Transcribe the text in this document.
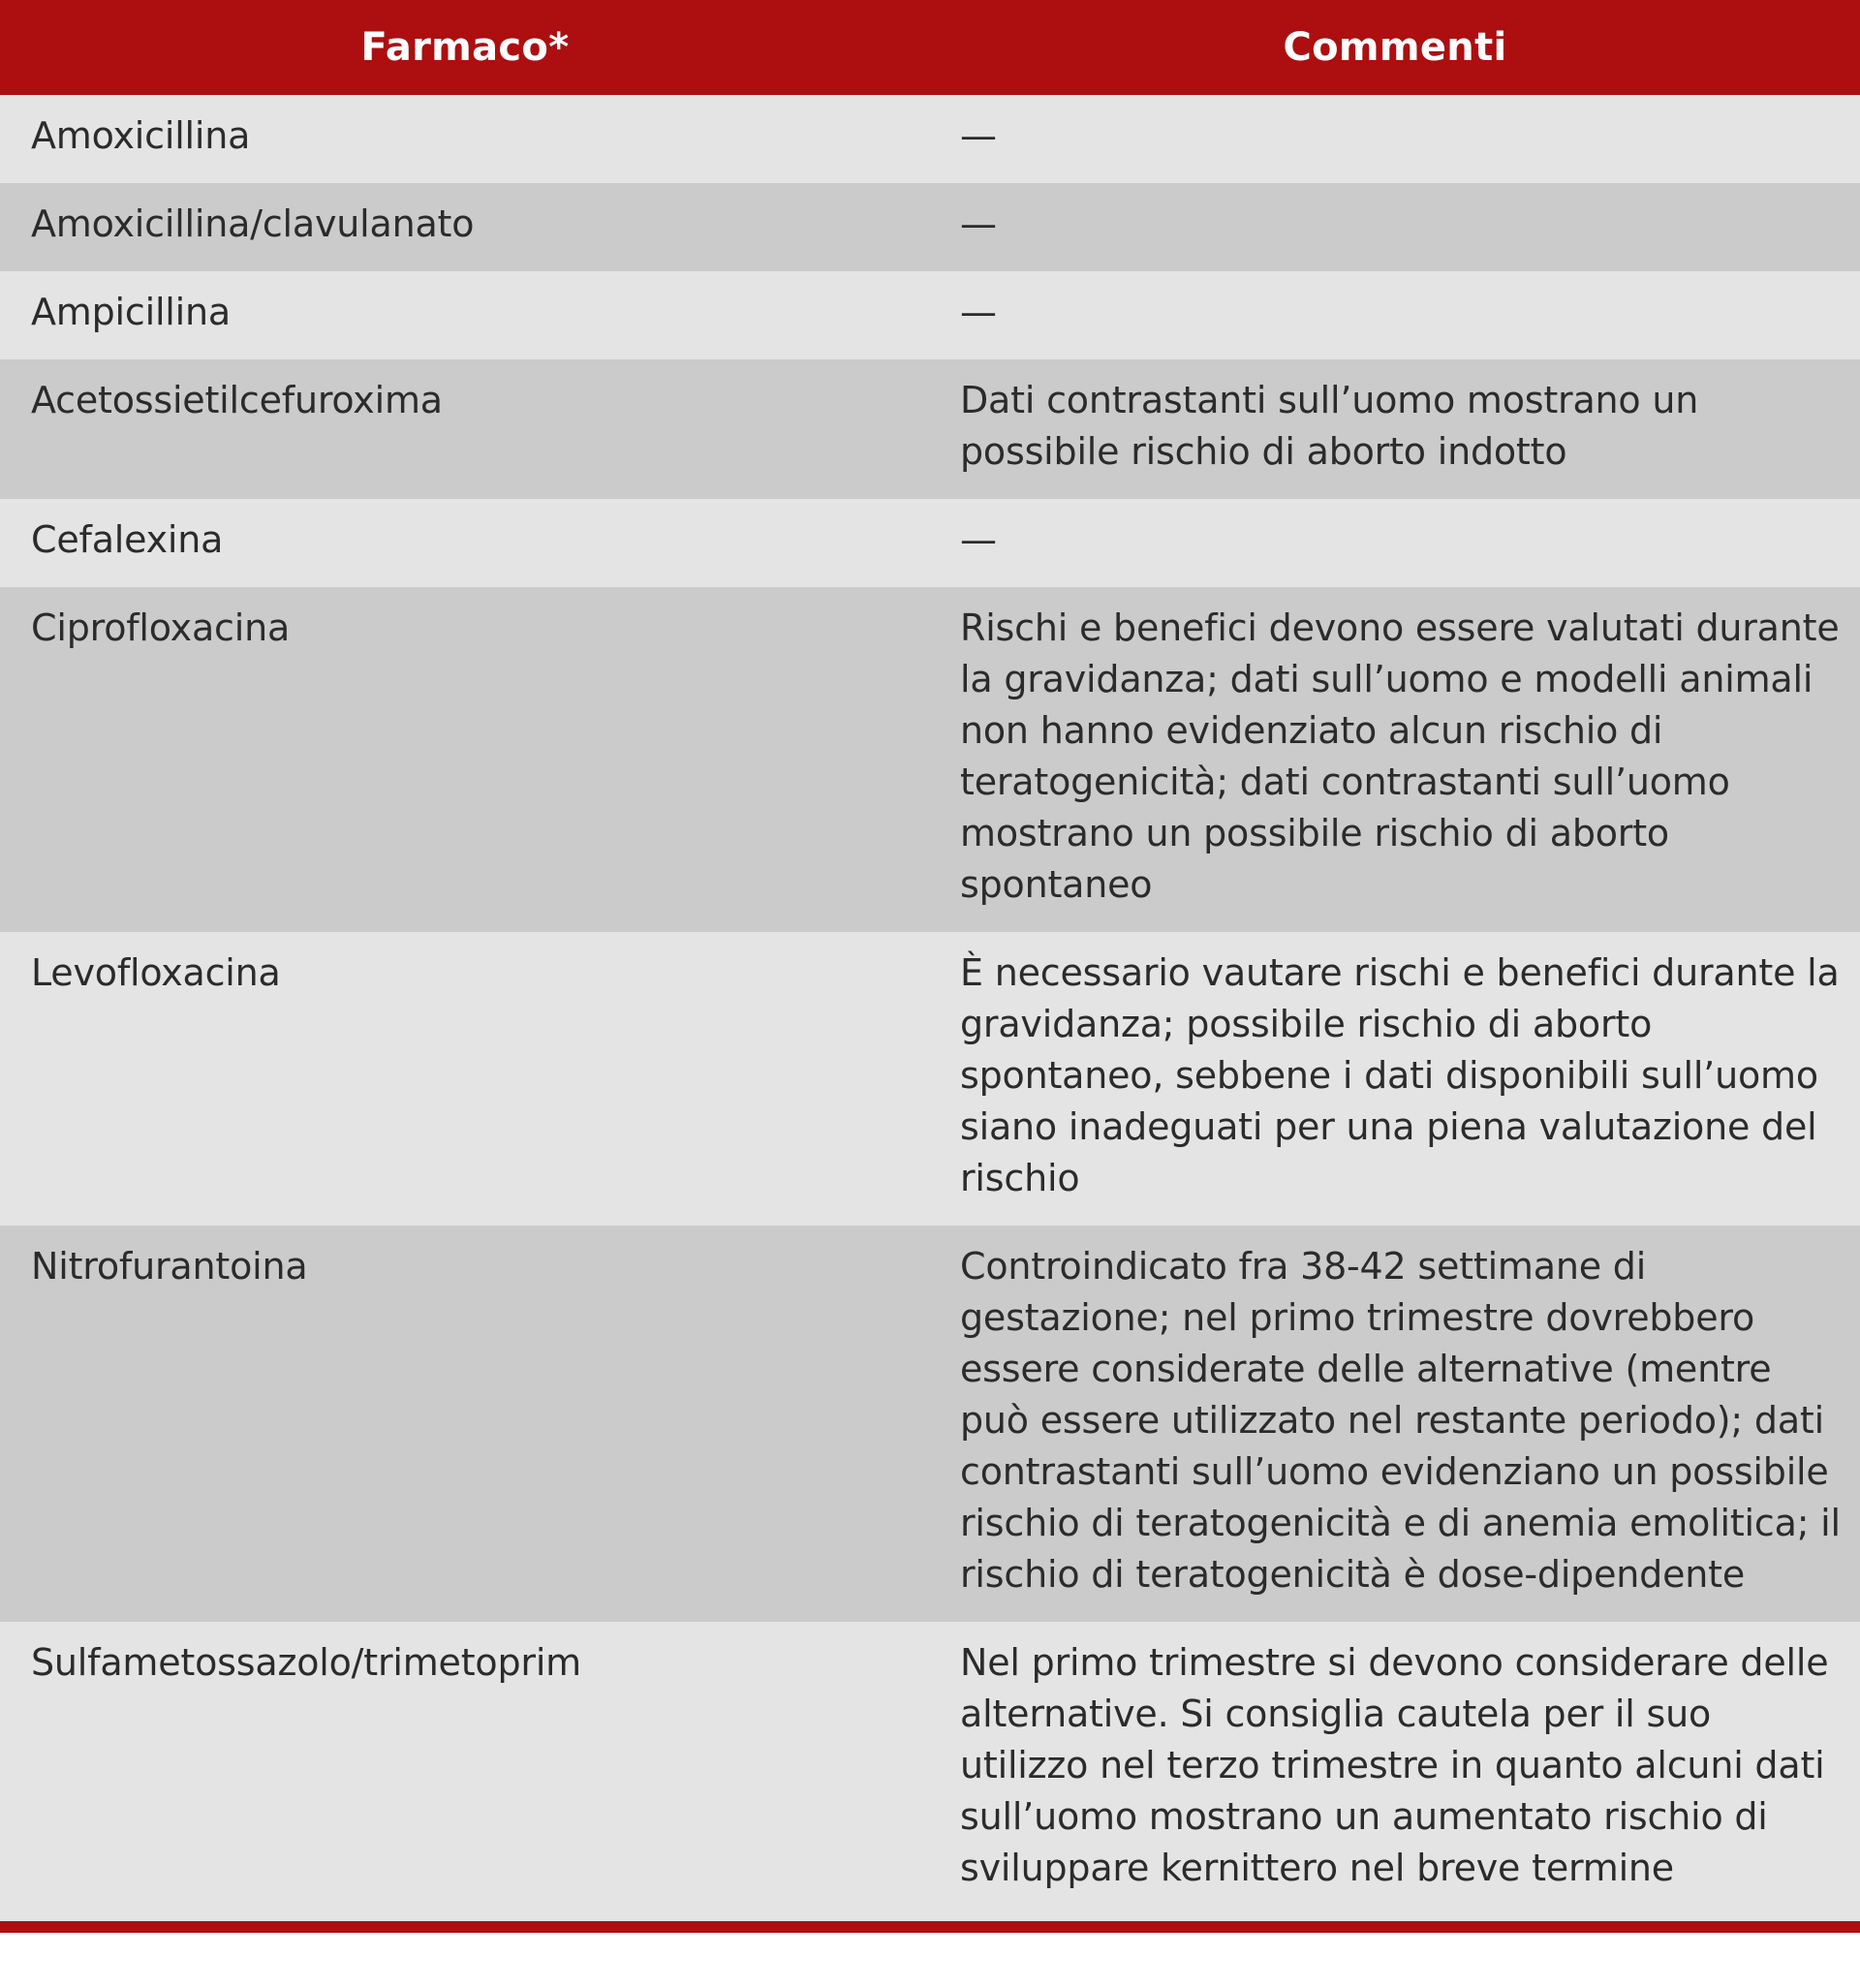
Farmaco*	Commenti
Amoxicillina	—
Amoxicillina/clavulanato	—
Ampicillina	—
Acetossietilcefuroxima	Dati contrastanti sull’uomo mostrano un possibile rischio di aborto indotto
Cefalexina	—
Ciprofloxacina	Rischi e benefici devono essere valutati durante la gravidanza; dati sull’uomo e modelli animali non hanno evidenziato alcun rischio di teratogenicità; dati contrastanti sull’uomo mostrano un possibile rischio di aborto spontaneo
Levofloxacina	È necessario vautare rischi e benefici durante la gravidanza; possibile rischio di aborto spontaneo, sebbene i dati disponibili sull’uomo siano inadeguati per una piena valutazione del rischio
Nitrofurantoina	Controindicato fra 38-42 settimane di gestazione; nel primo trimestre dovrebbero essere considerate delle alternative (mentre può essere utilizzato nel restante periodo); dati contrastanti sull’uomo evidenziano un possibile rischio di teratogenicità e di anemia emolitica; il rischio di teratogenicità è dose-dipendente
Sulfametossazolo/trimetoprim	Nel primo trimestre si devono considerare delle alternative. Si consiglia cautela per il suo utilizzo nel terzo trimestre in quanto alcuni dati sull’uomo mostrano un aumentato rischio di sviluppare kernittero nel breve termine
